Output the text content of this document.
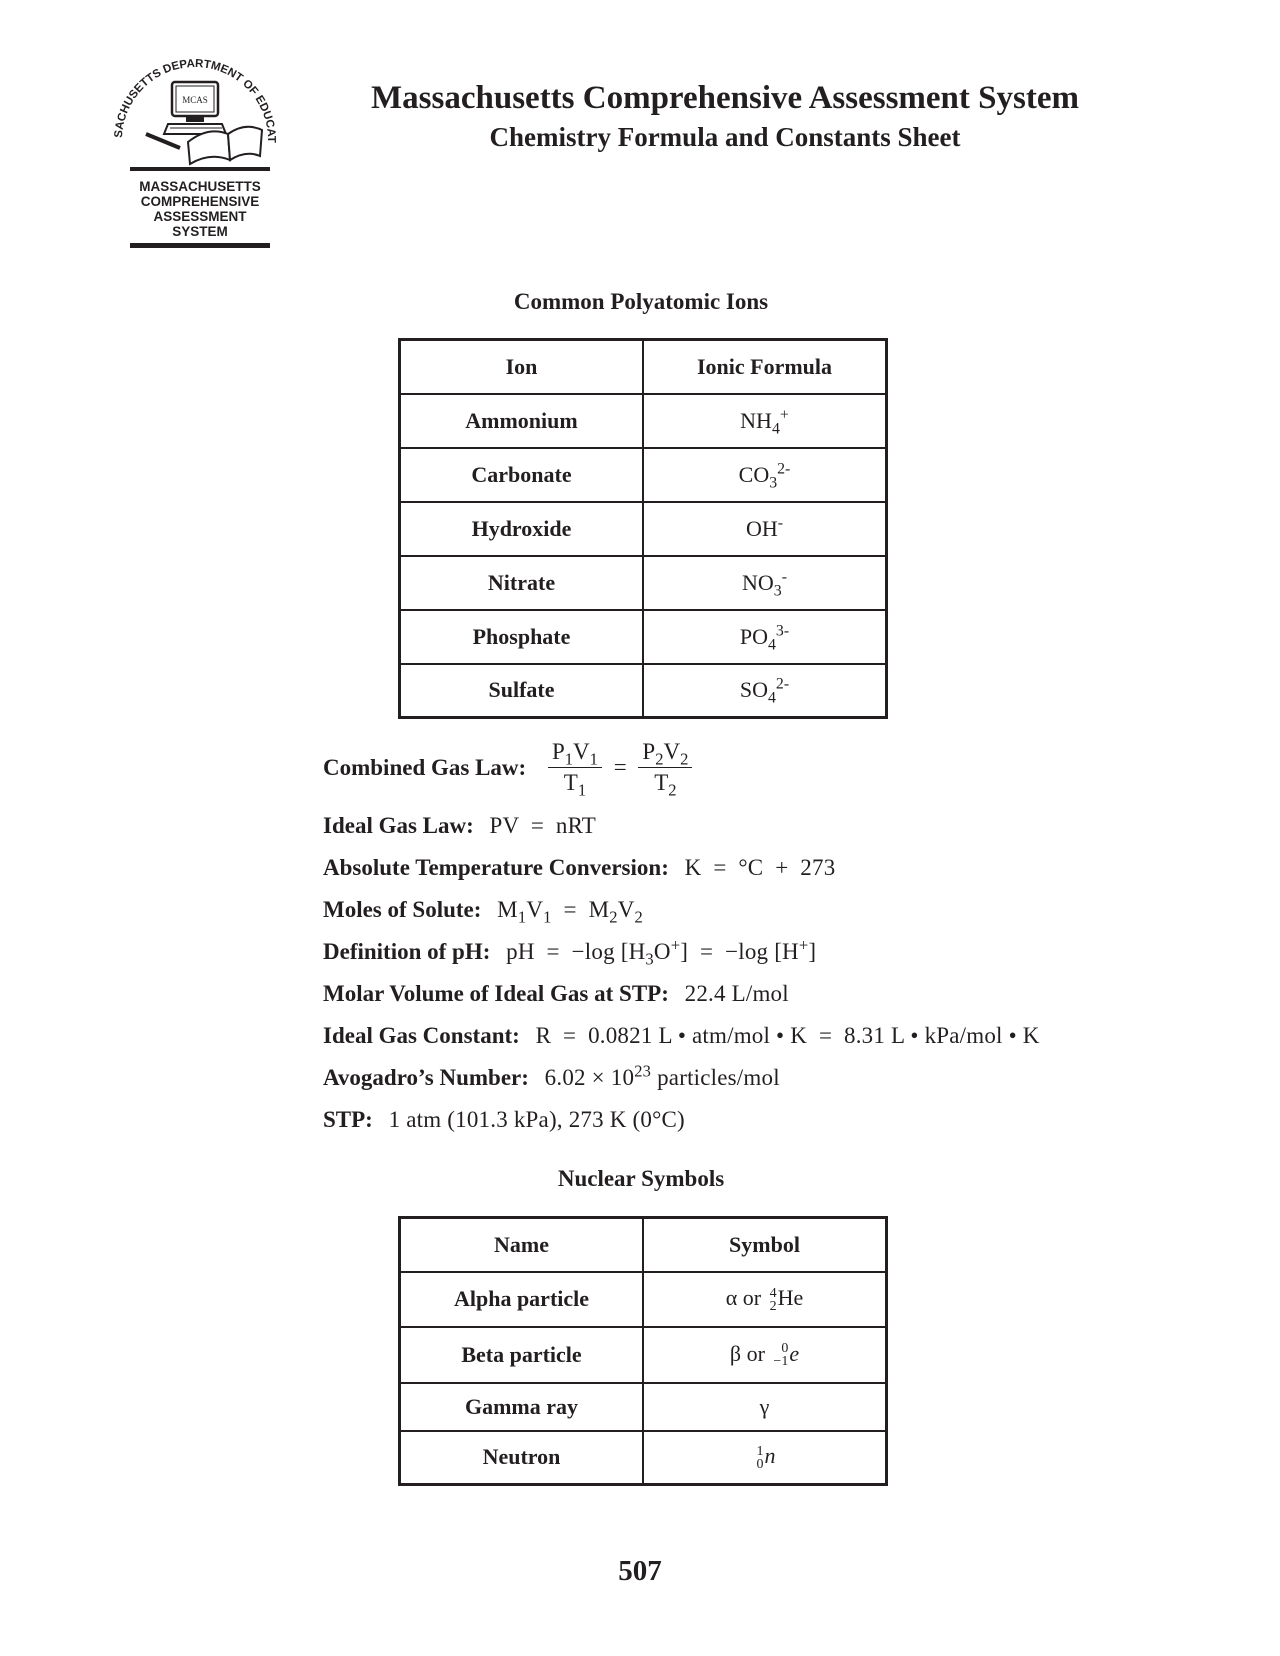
SACHUSETTS DEPARTMENT OF EDUCAT
MCAS
MASSACHUSETTS
COMPREHENSIVE
ASSESSMENT
SYSTEM
Massachusetts Comprehensive Assessment System
Chemistry Formula and Constants Sheet
Common Polyatomic Ions
Ion	Ionic Formula
Ammonium	$NH_4^+$
Carbonate	$CO_3^{2-}$
Hydroxide	OH-
Nitrate	$NO_3^-$
Phosphate	$PO_4^{3-}$
Sulfate	$SO_4^{2-}$
Combined Gas Law: $\frac{P_1V_1}{T_1} = \frac{P_2V_2}{T_2}$
Ideal Gas Law: PV  =  nRT
Absolute Temperature Conversion: K  =  °C  +  273
Moles of Solute: $M_1V_1 = M_2V_2$
Definition of pH: pH  =  −log $[H_3O^+] = -\log$ [H+]
Molar Volume of Ideal Gas at STP: 22.4 L/mol
Ideal Gas Constant: R  =  0.0821 L • atm/mol • K  =  8.31 L • kPa/mol • K
Avogadro’s Number: $6.02 \times 10^{23}$ particles/mol
STP: 1 atm (101.3 kPa), 273 K (0°C)
Nuclear Symbols
Name	Symbol
Alpha particle	α or 4
2 He
Beta particle	β or 0
−1 e
Gamma ray	γ
Neutron	1
0 n
507
